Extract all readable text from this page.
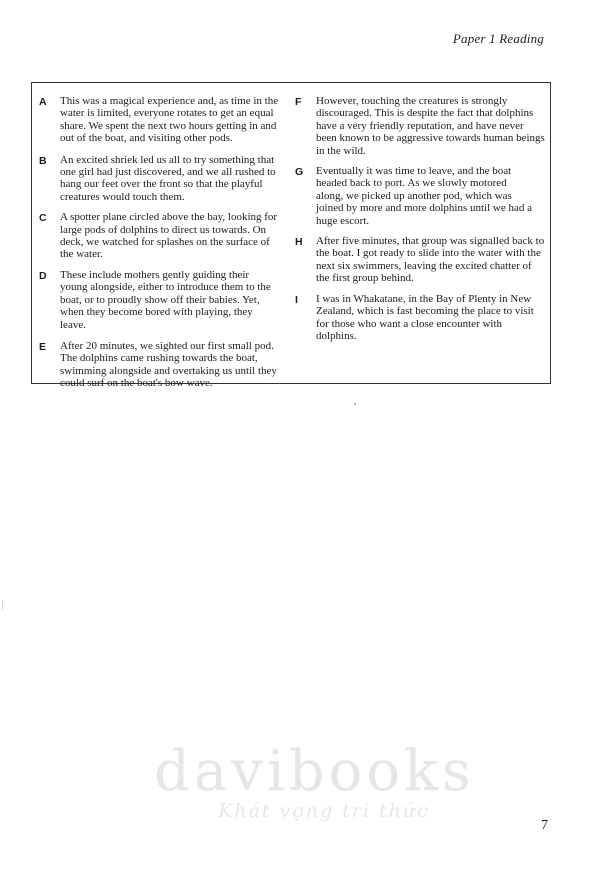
Paper 1 Reading
A This was a magical experience and, as time in the water is limited, everyone rotates to get an equal share. We spent the next two hours getting in and out of the boat, and visiting other pods.
B An excited shriek led us all to try something that one girl had just discovered, and we all rushed to hang our feet over the front so that the playful creatures would touch them.
C A spotter plane circled above the bay, looking for large pods of dolphins to direct us towards. On deck, we watched for splashes on the surface of the water.
D These include mothers gently guiding their young alongside, either to introduce them to the boat, or to proudly show off their babies. Yet, when they become bored with playing, they leave.
E After 20 minutes, we sighted our first small pod. The dolphins came rushing towards the boat, swimming alongside and overtaking us until they could surf on the boat's bow wave.
F However, touching the creatures is strongly discouraged. This is despite the fact that dolphins have a very friendly reputation, and have never been known to be aggressive towards human beings in the wild.
G Eventually it was time to leave, and the boat headed back to port. As we slowly motored along, we picked up another pod, which was joined by more and more dolphins until we had a huge escort.
H After five minutes, that group was signalled back to the boat. I got ready to slide into the water with the next six swimmers, leaving the excited chatter of the first group behind.
I I was in Whakatane, in the Bay of Plenty in New Zealand, which is fast becoming the place to visit for those who want a close encounter with dolphins.
davibooks
Khát vọng tri thức
7
